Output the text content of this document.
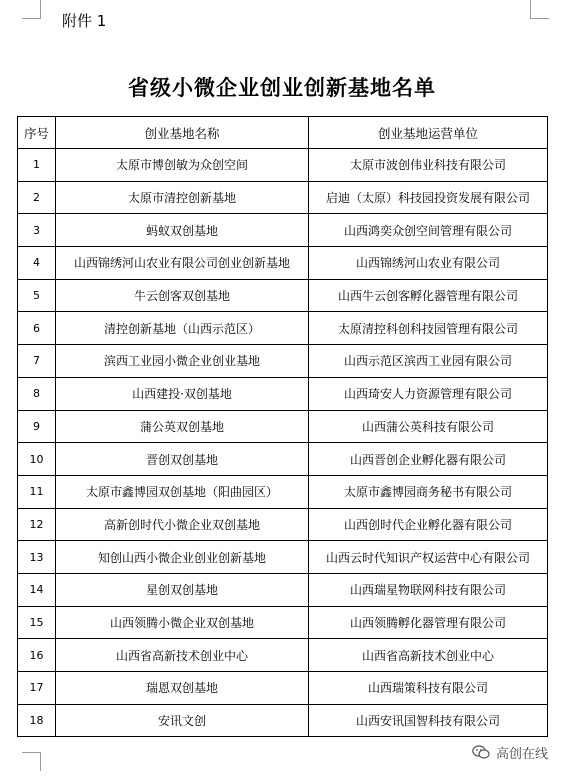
附件 1
省级小微企业创业创新基地名单
序号	创业基地名称	创业基地运营单位
1	太原市博创敏为众创空间	太原市波创伟业科技有限公司
2	太原市清控创新基地	启迪（太原）科技园投资发展有限公司
3	蚂蚁双创基地	山西鸿奕众创空间管理有限公司
4	山西锦绣河山农业有限公司创业创新基地	山西锦绣河山农业有限公司
5	牛云创客双创基地	山西牛云创客孵化器管理有限公司
6	清控创新基地（山西示范区）	太原清控科创科技园管理有限公司
7	滨西工业园小微企业创业基地	山西示范区滨西工业园有限公司
8	山西建投·双创基地	山西琦安人力资源管理有限公司
9	蒲公英双创基地	山西蒲公英科技有限公司
10	晋创双创基地	山西晋创企业孵化器有限公司
11	太原市鑫博园双创基地（阳曲园区）	太原市鑫博园商务秘书有限公司
12	高新创时代小微企业双创基地	山西创时代企业孵化器有限公司
13	知创山西小微企业创业创新基地	山西云时代知识产权运营中心有限公司
14	星创双创基地	山西瑞星物联网科技有限公司
15	山西领腾小微企业双创基地	山西领腾孵化器管理有限公司
16	山西省高新技术创业中心	山西省高新技术创业中心
17	瑞恩双创基地	山西瑞策科技有限公司
18	安讯文创	山西安讯国智科技有限公司
高创在线
